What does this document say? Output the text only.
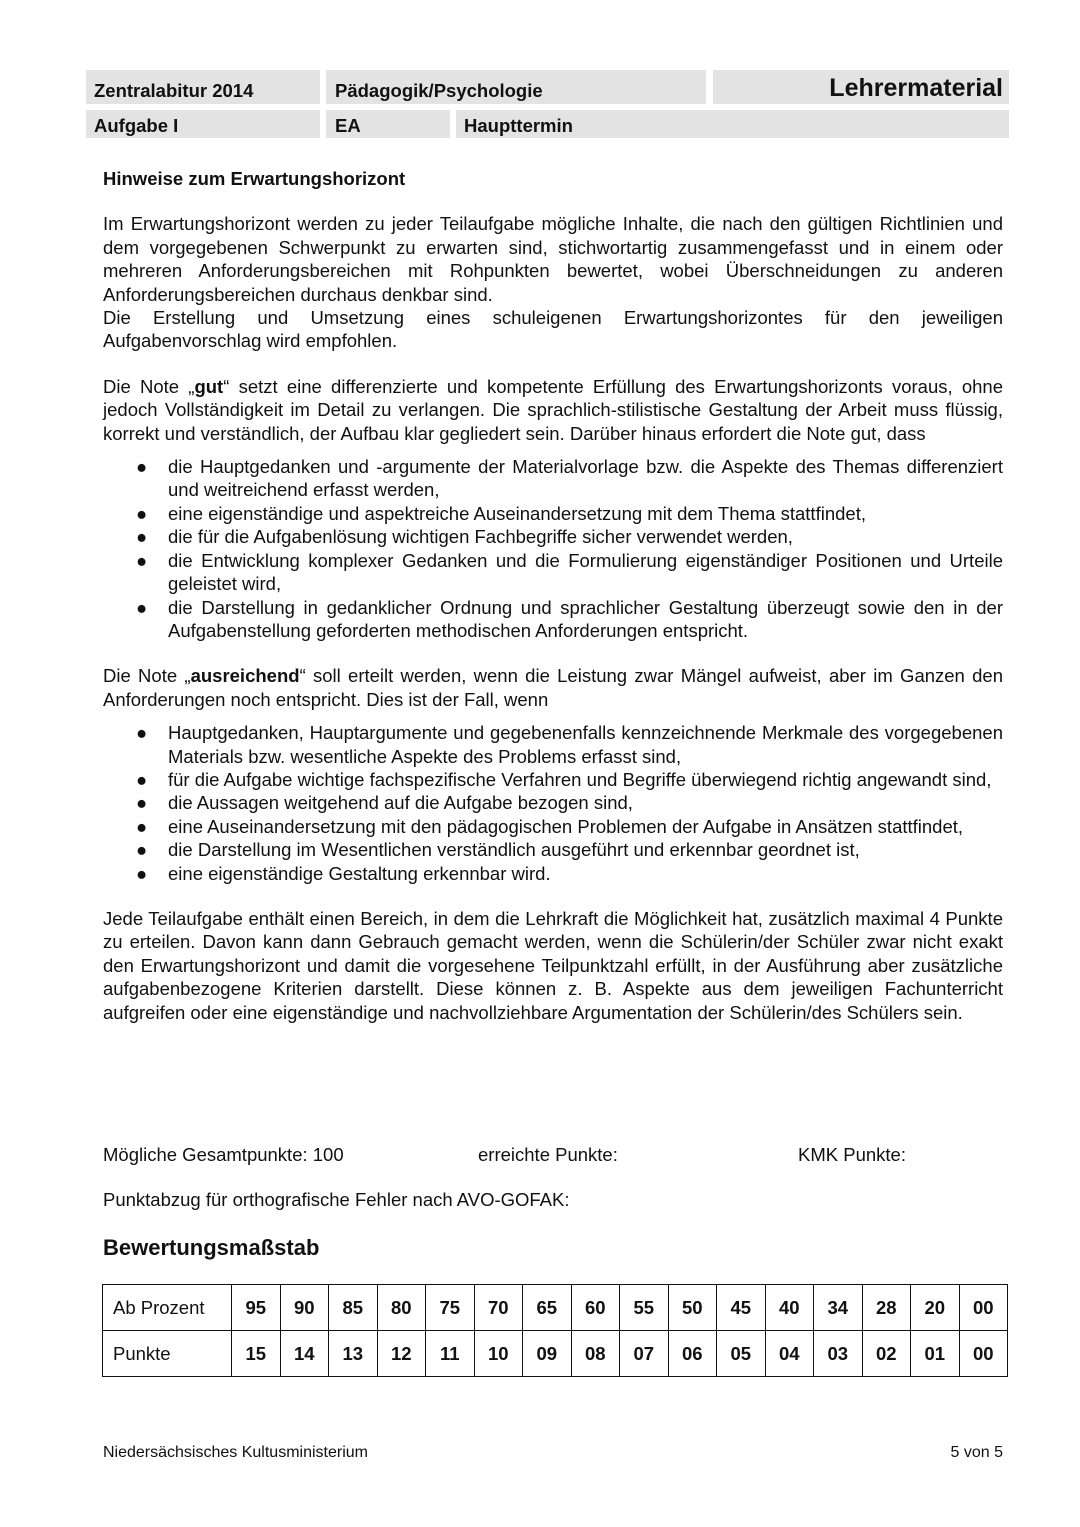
Zentralabitur 2014	Pädagogik/Psychologie	Lehrermaterial
Aufgabe I	EA	Haupttermin
Hinweise zum Erwartungshorizont

Im Erwartungshorizont werden zu jeder Teilaufgabe mögliche Inhalte, die nach den gültigen Richtlinien und dem vorgegebenen Schwerpunkt zu erwarten sind, stichwortartig zusammengefasst und in einem oder mehreren Anforderungsbereichen mit Rohpunkten bewertet, wobei Überschneidungen zu anderen Anforderungsbereichen durchaus denkbar sind.

Die Erstellung und Umsetzung eines schuleigenen Erwartungshorizontes für den jeweiligen Aufgabenvorschlag wird empfohlen.

Die Note „gut“ setzt eine differenzierte und kompetente Erfüllung des Erwartungshorizonts voraus, ohne jedoch Vollständigkeit im Detail zu verlangen. Die sprachlich-stilistische Gestaltung der Arbeit muss flüssig, korrekt und verständlich, der Aufbau klar gegliedert sein. Darüber hinaus erfordert die Note gut, dass

● die Hauptgedanken und -argumente der Materialvorlage bzw. die Aspekte des Themas differenziert und weitreichend erfasst werden,
● eine eigenständige und aspektreiche Auseinandersetzung mit dem Thema stattfindet,
● die für die Aufgabenlösung wichtigen Fachbegriffe sicher verwendet werden,
● die Entwicklung komplexer Gedanken und die Formulierung eigenständiger Positionen und Urteile geleistet wird,
● die Darstellung in gedanklicher Ordnung und sprachlicher Gestaltung überzeugt sowie den in der Aufgabenstellung geforderten methodischen Anforderungen entspricht.

Die Note „ausreichend“ soll erteilt werden, wenn die Leistung zwar Mängel aufweist, aber im Ganzen den Anforderungen noch entspricht. Dies ist der Fall, wenn

● Hauptgedanken, Hauptargumente und gegebenenfalls kennzeichnende Merkmale des vorgegebenen Materials bzw. wesentliche Aspekte des Problems erfasst sind,
● für die Aufgabe wichtige fachspezifische Verfahren und Begriffe überwiegend richtig angewandt sind,
● die Aussagen weitgehend auf die Aufgabe bezogen sind,
● eine Auseinandersetzung mit den pädagogischen Problemen der Aufgabe in Ansätzen stattfindet,
● die Darstellung im Wesentlichen verständlich ausgeführt und erkennbar geordnet ist,
● eine eigenständige Gestaltung erkennbar wird.

Jede Teilaufgabe enthält einen Bereich, in dem die Lehrkraft die Möglichkeit hat, zusätzlich maximal 4 Punkte zu erteilen. Davon kann dann Gebrauch gemacht werden, wenn die Schülerin/der Schüler zwar nicht exakt den Erwartungshorizont und damit die vorgesehene Teilpunktzahl erfüllt, in der Ausführung aber zusätzliche aufgabenbezogene Kriterien darstellt. Diese können z. B. Aspekte aus dem jeweiligen Fachunterricht aufgreifen oder eine eigenständige und nachvollziehbare Argumentation der Schülerin/des Schülers sein.

Mögliche Gesamtpunkte: 100	erreichte Punkte:	KMK Punkte:
Punktabzug für orthografische Fehler nach AVO-GOFAK:
Bewertungsmaßstab
Ab Prozent	95	90	85	80	75	70	65	60	55	50	45	40	34	28	20	00
Punkte	15	14	13	12	11	10	09	08	07	06	05	04	03	02	01	00
Niedersächsisches Kultusministerium	5 von 5
